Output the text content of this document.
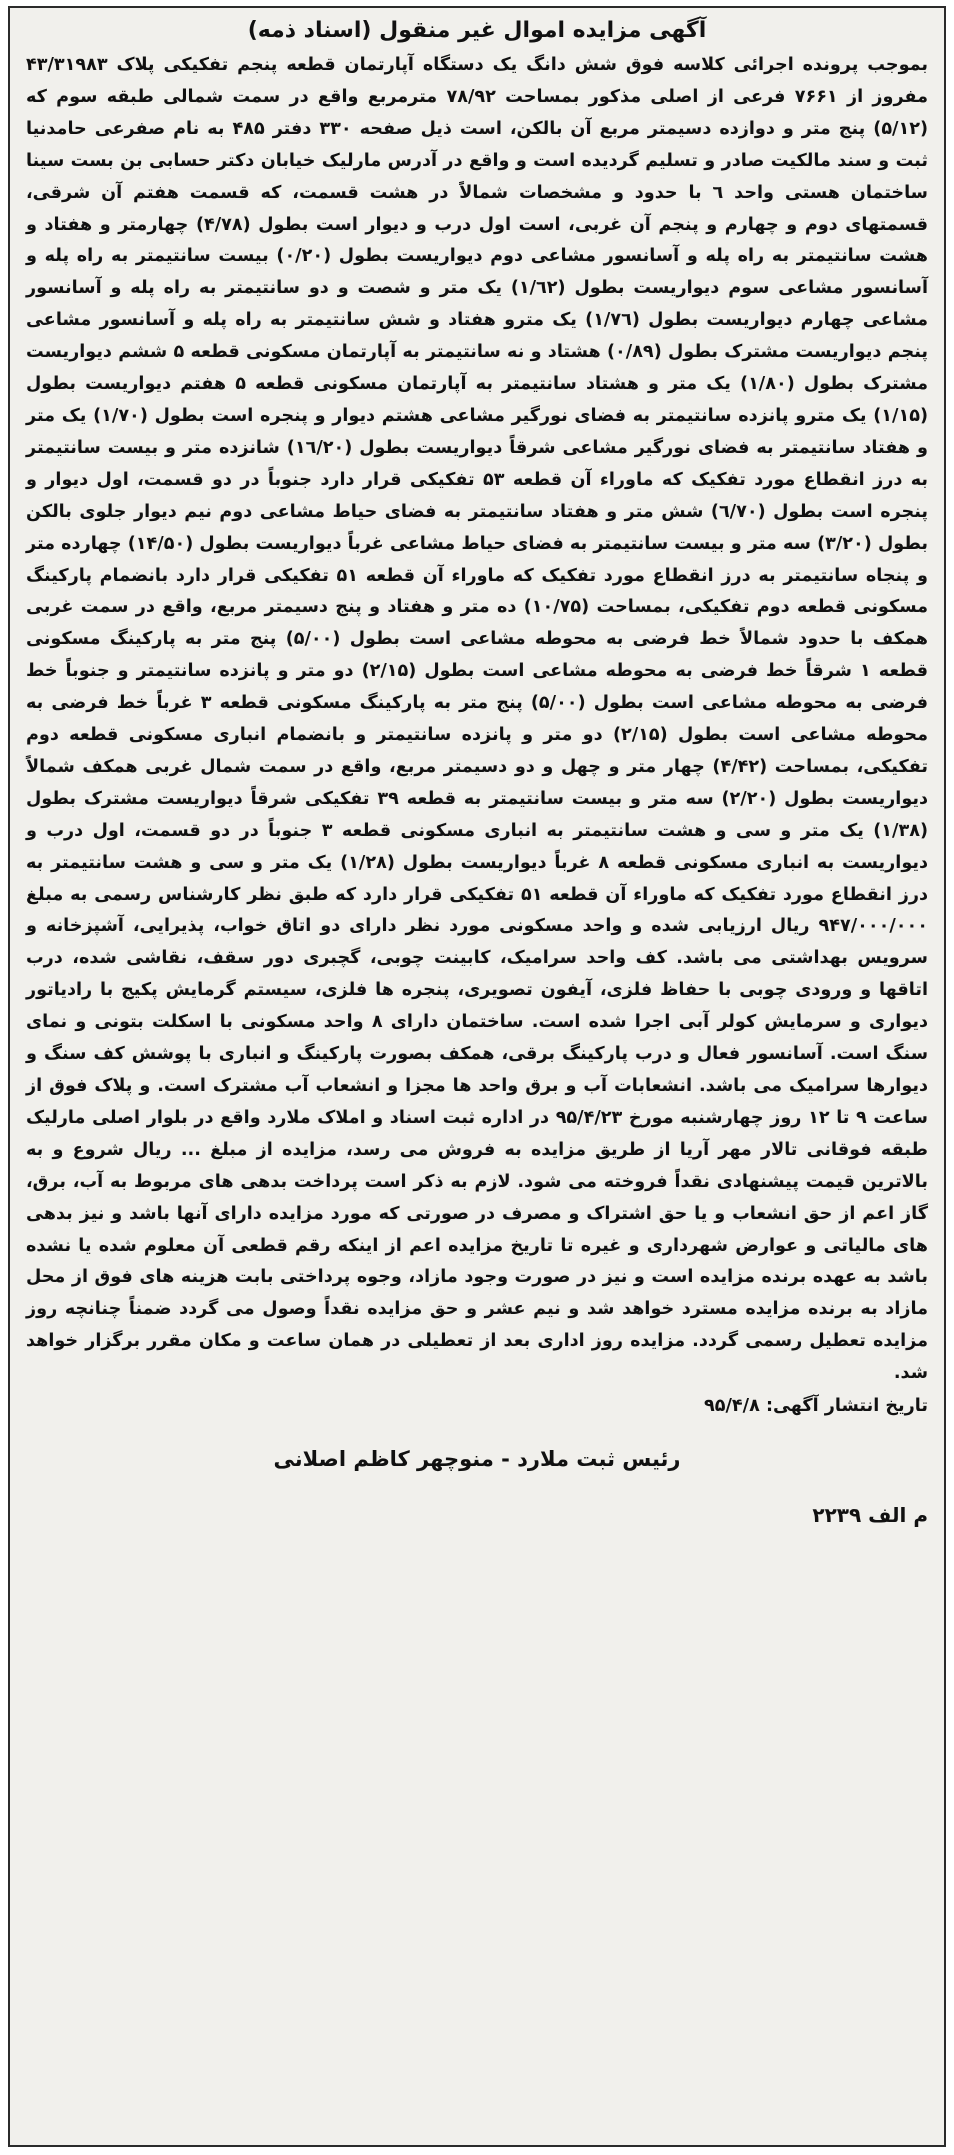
آگهی مزایده اموال غیر منقول (اسناد ذمه)

بموجب پرونده اجرائی کلاسه فوق شش دانگ یک دستگاه آپارتمان قطعه پنجم تفکیکی پلاک ۴۳/۳۱۹۸۳ مفروز از ۷۶۶۱ فرعی از اصلی مذکور بمساحت ۷۸/۹۲ مترمربع واقع در سمت شمالی طبقه سوم که (۵/۱۲) پنج متر و دوازده دسیمتر مربع آن بالکن، است ذیل صفحه ۳۳۰ دفتر ۴۸۵ به نام صفرعی حامدنیا ثبت و سند مالکیت صادر و تسلیم گردیده است و واقع در آدرس مارلیک خیابان دکتر حسابی بن بست سینا ساختمان هستی واحد ٦ با حدود و مشخصات شمالاً در هشت قسمت، که قسمت هفتم آن شرقی، قسمتهای دوم و چهارم و پنجم آن غربی، است اول درب و دیوار است بطول (۴/۷۸) چهارمتر و هفتاد و هشت سانتیمتر به راه پله و آسانسور مشاعی دوم دیواریست بطول (۰/۲۰) بیست سانتیمتر به راه پله و آسانسور مشاعی سوم دیواریست بطول (۱/٦۲) یک متر و شصت و دو سانتیمتر به راه پله و آسانسور مشاعی چهارم دیواریست بطول (۱/۷٦) یک مترو هفتاد و شش سانتیمتر به راه پله و آسانسور مشاعی پنجم دیواریست مشترک بطول (۰/۸۹) هشتاد و نه سانتیمتر به آپارتمان مسکونی قطعه ۵ ششم دیواریست مشترک بطول (۱/۸۰) یک متر و هشتاد سانتیمتر به آپارتمان مسکونی قطعه ۵ هفتم دیواریست بطول (۱/۱۵) یک مترو پانزده سانتیمتر به فضای نورگیر مشاعی هشتم دیوار و پنجره است بطول (۱/۷۰) یک متر و هفتاد سانتیمتر به فضای نورگیر مشاعی شرقاً دیواریست بطول (۱٦/۲۰) شانزده متر و بیست سانتیمتر به درز انقطاع مورد تفکیک که ماوراء آن قطعه ۵۳ تفکیکی قرار دارد جنوباً در دو قسمت، اول دیوار و پنجره است بطول (٦/۷۰) شش متر و هفتاد سانتیمتر به فضای حیاط مشاعی دوم نیم دیوار جلوی بالکن بطول (۳/۲۰) سه متر و بیست سانتیمتر به فضای حیاط مشاعی غرباً دیواریست بطول (۱۴/۵۰) چهارده متر و پنجاه سانتیمتر به درز انقطاع مورد تفکیک که ماوراء آن قطعه ۵۱ تفکیکی قرار دارد بانضمام پارکینگ مسکونی قطعه دوم تفکیکی، بمساحت (۱۰/۷۵) ده متر و هفتاد و پنج دسیمتر مربع، واقع در سمت غربی همکف با حدود شمالاً خط فرضی به محوطه مشاعی است بطول (۵/۰۰) پنج متر به پارکینگ مسکونی قطعه ۱ شرقاً خط فرضی به محوطه مشاعی است بطول (۲/۱۵) دو متر و پانزده سانتیمتر و جنوباً خط فرضی به محوطه مشاعی است بطول (۵/۰۰) پنج متر به پارکینگ مسکونی قطعه ۳ غرباً خط فرضی به محوطه مشاعی است بطول (۲/۱۵) دو متر و پانزده سانتیمتر و بانضمام انباری مسکونی قطعه دوم تفکیکی، بمساحت (۴/۴۲) چهار متر و چهل و دو دسیمتر مربع، واقع در سمت شمال غربی همکف شمالاً دیواریست بطول (۲/۲۰) سه متر و بیست سانتیمتر به قطعه ۳۹ تفکیکی شرقاً دیواریست مشترک بطول (۱/۳۸) یک متر و سی و هشت سانتیمتر به انباری مسکونی قطعه ۳ جنوباً در دو قسمت، اول درب و دیواریست به انباری مسکونی قطعه ۸ غرباً دیواریست بطول (۱/۲۸) یک متر و سی و هشت سانتیمتر به درز انقطاع مورد تفکیک که ماوراء آن قطعه ۵۱ تفکیکی قرار دارد که طبق نظر کارشناس رسمی به مبلغ ۹۴۷/۰۰۰/۰۰۰ ریال ارزیابی شده و واحد مسکونی مورد نظر دارای دو اتاق خواب، پذیرایی، آشپزخانه و سرویس بهداشتی می باشد. کف واحد سرامیک، کابینت چوبی، گچبری دور سقف، نقاشی شده، درب اتاقها و ورودی چوبی با حفاظ فلزی، آیفون تصویری، پنجره ها فلزی، سیستم گرمایش پکیج با رادیاتور دیواری و سرمایش کولر آبی اجرا شده است. ساختمان دارای ۸ واحد مسکونی با اسکلت بتونی و نمای سنگ است. آسانسور فعال و درب پارکینگ برقی، همکف بصورت پارکینگ و انباری با پوشش کف سنگ و دیوارها سرامیک می باشد. انشعابات آب و برق واحد ها مجزا و انشعاب آب مشترک است. و پلاک فوق از ساعت ۹ تا ۱۲ روز چهارشنبه مورخ ۹۵/۴/۲۳ در اداره ثبت اسناد و املاک ملارد واقع در بلوار اصلی مارلیک طبقه فوقانی تالار مهر آریا از طریق مزایده به فروش می رسد، مزایده از مبلغ ... ریال شروع و به بالاترین قیمت پیشنهادی نقداً فروخته می شود. لازم به ذکر است پرداخت بدهی های مربوط به آب، برق، گاز اعم از حق انشعاب و یا حق اشتراک و مصرف در صورتی که مورد مزایده دارای آنها باشد و نیز بدهی های مالیاتی و عوارض شهرداری و غیره تا تاریخ مزایده اعم از اینکه رقم قطعی آن معلوم شده یا نشده باشد به عهده برنده مزایده است و نیز در صورت وجود مازاد، وجوه پرداختی بابت هزینه های فوق از محل مازاد به برنده مزایده مسترد خواهد شد و نیم عشر و حق مزایده نقداً وصول می گردد ضمناً چنانچه روز مزایده تعطیل رسمی گردد. مزایده روز اداری بعد از تعطیلی در همان ساعت و مکان مقرر برگزار خواهد شد.

تاریخ انتشار آگهی: ۹۵/۴/۸

رئیس ثبت ملارد - منوچهر کاظم اصلانی
م الف ۲۲۳۹
